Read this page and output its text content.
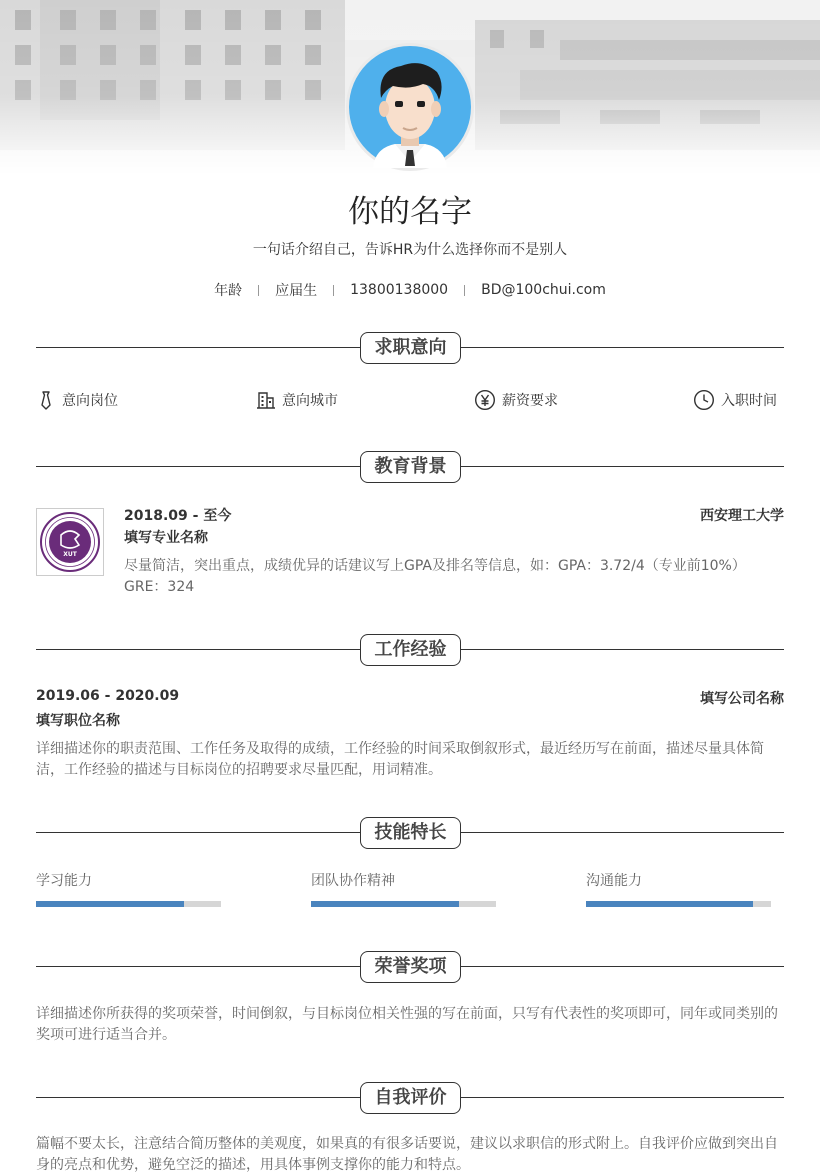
你的名字
一句话介绍自己，告诉HR为什么选择你而不是别人
年龄	应届生	13800138000	BD@100chui.com
求职意向
意向岗位	意向城市	薪资要求	入职时间
教育背景
XUT
2018.09 - 至今	西安理工大学
填写专业名称
尽量简洁，突出重点，成绩优异的话建议写上GPA及排名等信息，如：GPA：3.72/4（专业前10%） GRE：324
工作经验
2019.06 - 2020.09	填写公司名称
填写职位名称
详细描述你的职责范围、工作任务及取得的成绩，工作经验的时间采取倒叙形式，最近经历写在前面，描述尽量具体简洁，工作经验的描述与目标岗位的招聘要求尽量匹配，用词精准。
技能特长
学习能力	团队协作精神	沟通能力
荣誉奖项
详细描述你所获得的奖项荣誉，时间倒叙，与目标岗位相关性强的写在前面，只写有代表性的奖项即可，同年或同类别的奖项可进行适当合并。
自我评价
篇幅不要太长，注意结合简历整体的美观度，如果真的有很多话要说，建议以求职信的形式附上。自我评价应做到突出自身的亮点和优势，避免空泛的描述，用具体事例支撑你的能力和特点。
